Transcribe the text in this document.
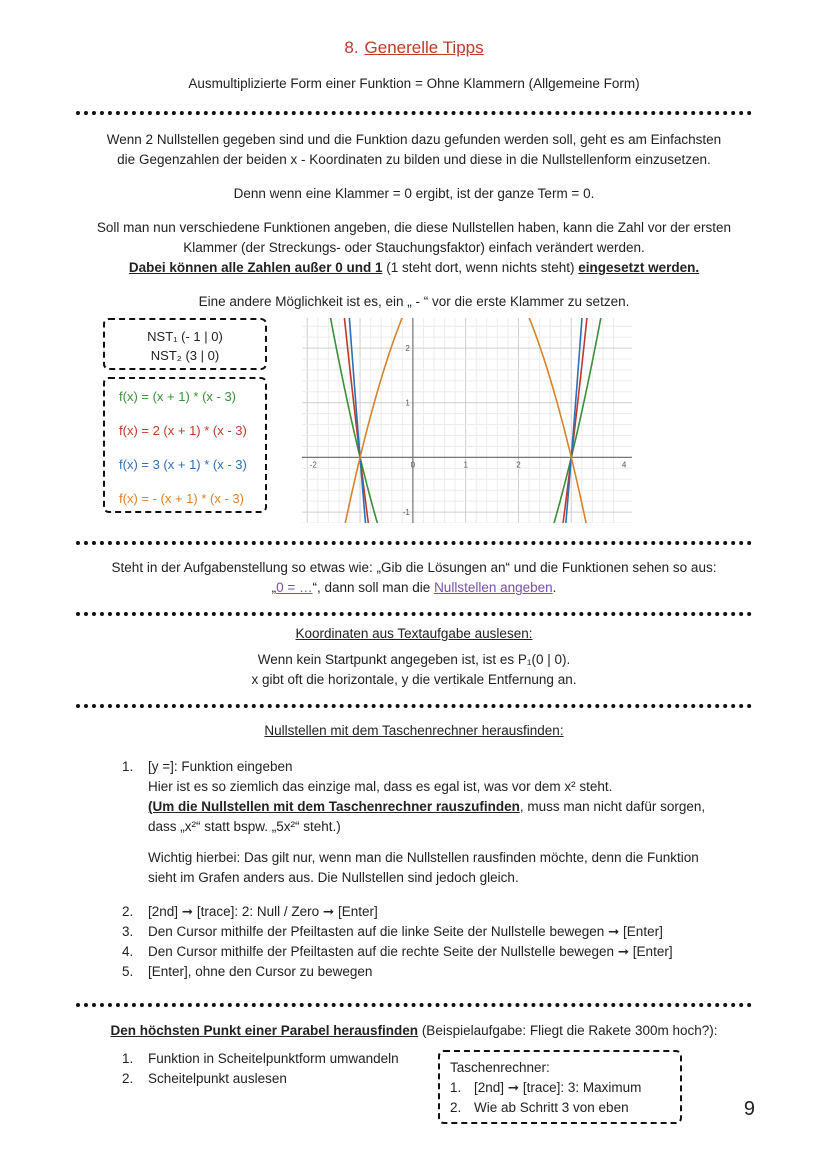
8. Generelle Tipps
Ausmultiplizierte Form einer Funktion = Ohne Klammern (Allgemeine Form)
Wenn 2 Nullstellen gegeben sind und die Funktion dazu gefunden werden soll, geht es am Einfachsten
die Gegenzahlen der beiden x - Koordinaten zu bilden und diese in die Nullstellenform einzusetzen.
Denn wenn eine Klammer = 0 ergibt, ist der ganze Term = 0.
Soll man nun verschiedene Funktionen angeben, die diese Nullstellen haben, kann die Zahl vor der ersten
Klammer (der Streckungs- oder Stauchungsfaktor) einfach verändert werden.
Dabei können alle Zahlen außer 0 und 1 (1 steht dort, wenn nichts steht) eingesetzt werden.
Eine andere Möglichkeit ist es, ein „ - “ vor die erste Klammer zu setzen.
NST₁ (- 1 | 0)
NST₂ (3 | 0)
f(x) = (x + 1) * (x - 3)
f(x) = 2 (x + 1) * (x - 3)
f(x) = 3 (x + 1) * (x - 3)
f(x) = - (x + 1) * (x - 3)
-2	0	1	2	4
2
1
-1
Steht in der Aufgabenstellung so etwas wie: „Gib die Lösungen an“ und die Funktionen sehen so aus:
„0 = …“, dann soll man die Nullstellen angeben.
Koordinaten aus Textaufgabe auslesen:
Wenn kein Startpunkt angegeben ist, ist es P₁(0 | 0).
x gibt oft die horizontale, y die vertikale Entfernung an.
Nullstellen mit dem Taschenrechner herausfinden:
1. [y =]: Funktion eingeben
Hier ist es so ziemlich das einzige mal, dass es egal ist, was vor dem x² steht.
(Um die Nullstellen mit dem Taschenrechner rauszufinden, muss man nicht dafür sorgen,
dass „x²“ statt bspw. „5x²“ steht.)
Wichtig hierbei: Das gilt nur, wenn man die Nullstellen rausfinden möchte, denn die Funktion
sieht im Grafen anders aus. Die Nullstellen sind jedoch gleich.
2. [2nd] ➞ [trace]: 2: Null / Zero ➞ [Enter]
3. Den Cursor mithilfe der Pfeiltasten auf die linke Seite der Nullstelle bewegen ➞ [Enter]
4. Den Cursor mithilfe der Pfeiltasten auf die rechte Seite der Nullstelle bewegen ➞ [Enter]
5. [Enter], ohne den Cursor zu bewegen
Den höchsten Punkt einer Parabel herausfinden (Beispielaufgabe: Fliegt die Rakete 300m hoch?):
1. Funktion in Scheitelpunktform umwandeln
2. Scheitelpunkt auslesen
Taschenrechner:
1. [2nd] ➞ [trace]: 3: Maximum
2. Wie ab Schritt 3 von eben	9
